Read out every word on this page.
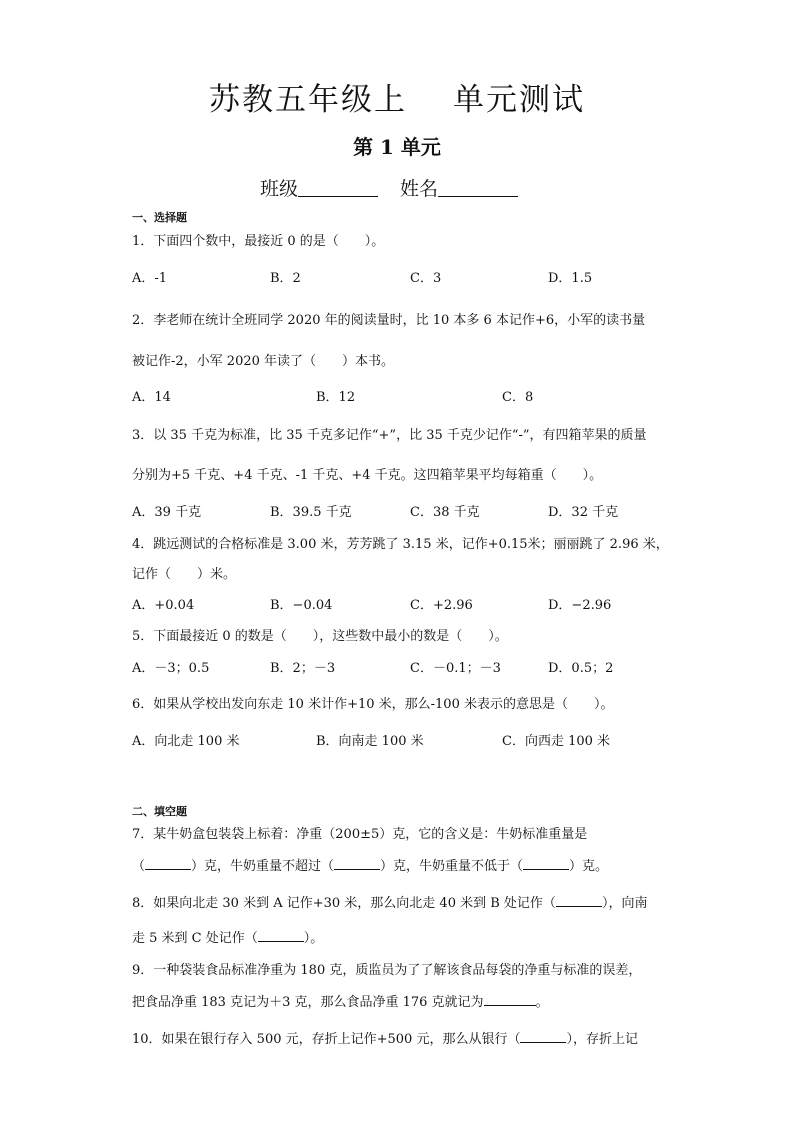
苏教五年级上 单元测试
第 1 单元
班级	姓名
一、选择题
1．下面四个数中，最接近 0 的是（　　）。
A．-1	B．2	C．3	D．1.5
2．李老师在统计全班同学 2020 年的阅读量时，比 10 本多 6 本记作+6，小军的读书量
被记作-2，小军 2020 年读了（　　）本书。
A．14	B．12	C．8
3．以 35 千克为标准，比 35 千克多记作“+”，比 35 千克少记作“-”，有四箱苹果的质量
分别为+5 千克、+4 千克、-1 千克、+4 千克。这四箱苹果平均每箱重（　　）。
A．39 千克	B．39.5 千克	C．38 千克	D．32 千克
4．跳远测试的合格标准是 3.00 米，芳芳跳了 3.15 米，记作+0.15米；丽丽跳了 2.96 米，
记作（　　）米。
A．+0.04	B．−0.04	C．+2.96	D．−2.96
5．下面最接近 0 的数是（　　），这些数中最小的数是（　　）。
A．－3；0.5	B．2；－3	C．－0.1；－3	D．0.5；2
6．如果从学校出发向东走 10 米计作+10 米，那么-100 米表示的意思是（　　）。
A．向北走 100 米	B．向南走 100 米	C．向西走 100 米
二、填空题
7．某牛奶盒包装袋上标着：净重（200±5）克，它的含义是：牛奶标准重量是
（	）克，牛奶重量不超过（	）克，牛奶重量不低于（	）克。
8．如果向北走 30 米到 A 记作+30 米，那么向北走 40 米到 B 处记作（	），向南
走 5 米到 C 处记作（	）。
9．一种袋装食品标准净重为 180 克，质监员为了了解该食品每袋的净重与标准的误差，
把食品净重 183 克记为＋3 克，那么食品净重 176 克就记为	。
10．如果在银行存入 500 元，存折上记作+500 元，那么从银行（	），存折上记
